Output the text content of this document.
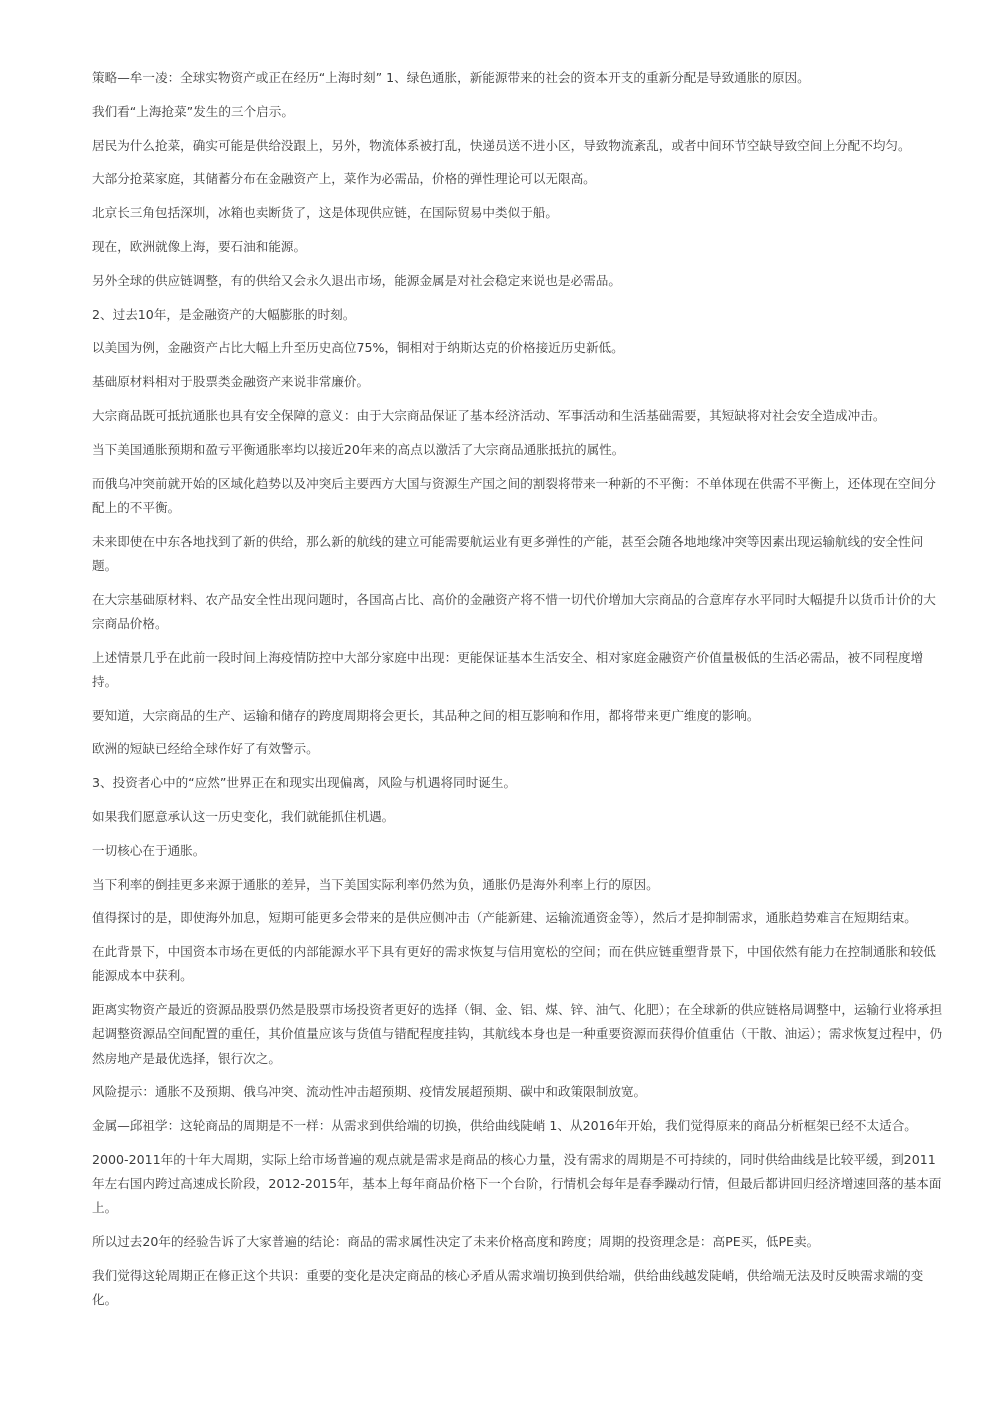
策略—牟一凌：全球实物资产或正在经历“上海时刻” 1、绿色通胀，新能源带来的社会的资本开支的重新分配是导致通胀的原因。

我们看“上海抢菜”发生的三个启示。

居民为什么抢菜，确实可能是供给没跟上，另外，物流体系被打乱，快递员送不进小区，导致物流紊乱，或者中间环节空缺导致空间上分配不均匀。

大部分抢菜家庭，其储蓄分布在金融资产上，菜作为必需品，价格的弹性理论可以无限高。

北京长三角包括深圳，冰箱也卖断货了，这是体现供应链，在国际贸易中类似于船。

现在，欧洲就像上海，要石油和能源。

另外全球的供应链调整，有的供给又会永久退出市场，能源金属是对社会稳定来说也是必需品。

2、过去10年，是金融资产的大幅膨胀的时刻。

以美国为例，金融资产占比大幅上升至历史高位75%，铜相对于纳斯达克的价格接近历史新低。

基础原材料相对于股票类金融资产来说非常廉价。

大宗商品既可抵抗通胀也具有安全保障的意义：由于大宗商品保证了基本经济活动、军事活动和生活基础需要，其短缺将对社会安全造成冲击。

当下美国通胀预期和盈亏平衡通胀率均以接近20年来的高点以激活了大宗商品通胀抵抗的属性。

而俄乌冲突前就开始的区域化趋势以及冲突后主要西方大国与资源生产国之间的割裂将带来一种新的不平衡：不单体现在供需不平衡上，还体现在空间分配上的不平衡。

未来即使在中东各地找到了新的供给，那么新的航线的建立可能需要航运业有更多弹性的产能，甚至会随各地地缘冲突等因素出现运输航线的安全性问题。

在大宗基础原材料、农产品安全性出现问题时，各国高占比、高价的金融资产将不惜一切代价增加大宗商品的合意库存水平同时大幅提升以货币计价的大宗商品价格。

上述情景几乎在此前一段时间上海疫情防控中大部分家庭中出现：更能保证基本生活安全、相对家庭金融资产价值量极低的生活必需品，被不同程度增持。

要知道，大宗商品的生产、运输和储存的跨度周期将会更长，其品种之间的相互影响和作用，都将带来更广维度的影响。

欧洲的短缺已经给全球作好了有效警示。

3、投资者心中的“应然”世界正在和现实出现偏离，风险与机遇将同时诞生。

如果我们愿意承认这一历史变化，我们就能抓住机遇。

一切核心在于通胀。

当下利率的倒挂更多来源于通胀的差异，当下美国实际利率仍然为负，通胀仍是海外利率上行的原因。

值得探讨的是，即使海外加息，短期可能更多会带来的是供应侧冲击（产能新建、运输流通资金等），然后才是抑制需求，通胀趋势难言在短期结束。

在此背景下，中国资本市场在更低的内部能源水平下具有更好的需求恢复与信用宽松的空间；而在供应链重塑背景下，中国依然有能力在控制通胀和较低能源成本中获利。

距离实物资产最近的资源品股票仍然是股票市场投资者更好的选择（铜、金、铝、煤、锌、油气、化肥）；在全球新的供应链格局调整中，运输行业将承担起调整资源品空间配置的重任，其价值量应该与货值与错配程度挂钩，其航线本身也是一种重要资源而获得价值重估（干散、油运）；需求恢复过程中，仍然房地产是最优选择，银行次之。

风险提示：通胀不及预期、俄乌冲突、流动性冲击超预期、疫情发展超预期、碳中和政策限制放宽。

金属—邱祖学：这轮商品的周期是不一样：从需求到供给端的切换，供给曲线陡峭 1、从2016年开始，我们觉得原来的商品分析框架已经不太适合。

2000-2011年的十年大周期，实际上给市场普遍的观点就是需求是商品的核心力量，没有需求的周期是不可持续的，同时供给曲线是比较平缓，到2011年左右国内跨过高速成长阶段，2012-2015年，基本上每年商品价格下一个台阶，行情机会每年是春季躁动行情，但最后都讲回归经济增速回落的基本面上。

所以过去20年的经验告诉了大家普遍的结论：商品的需求属性决定了未来价格高度和跨度；周期的投资理念是：高PE买，低PE卖。

我们觉得这轮周期正在修正这个共识：重要的变化是决定商品的核心矛盾从需求端切换到供给端，供给曲线越发陡峭，供给端无法及时反映需求端的变化。
